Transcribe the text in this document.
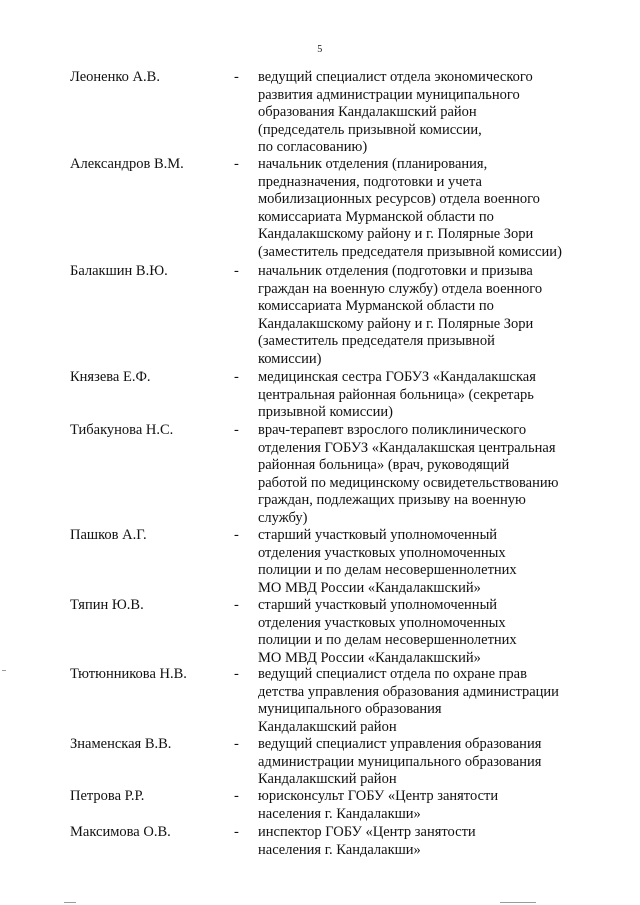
5
Леоненко А.В.	- ведущий специалист отдела экономического
развития администрации муниципального
образования Кандалакшский район
(председатель призывной комиссии,
по согласованию)
Александров В.М.	- начальник отделения (планирования,
предназначения, подготовки и учета
мобилизационных ресурсов) отдела военного
комиссариата Мурманской области по
Кандалакшскому району и г. Полярные Зори
(заместитель председателя призывной комиссии)
Балакшин В.Ю.	- начальник отделения (подготовки и призыва
граждан на военную службу) отдела военного
комиссариата Мурманской области по
Кандалакшскому району и г. Полярные Зори
(заместитель председателя призывной
комиссии)
Князева Е.Ф.	- медицинская сестра ГОБУЗ «Кандалакшская
центральная районная больница» (секретарь
призывной комиссии)
Тибакунова Н.С.	- врач-терапевт взрослого поликлинического
отделения ГОБУЗ «Кандалакшская центральная
районная больница» (врач, руководящий
работой по медицинскому освидетельствованию
граждан, подлежащих призыву на военную
службу)
Пашков А.Г.	- старший участковый уполномоченный
отделения участковых уполномоченных
полиции и по делам несовершеннолетних
МО МВД России «Кандалакшский»
Тяпин Ю.В.	- старший участковый уполномоченный
отделения участковых уполномоченных
полиции и по делам несовершеннолетних
МО МВД России «Кандалакшский»
Тютюнникова Н.В.	- ведущий специалист отдела по охране прав
детства управления образования администрации
муниципального образования
Кандалакшский район
Знаменская В.В.	- ведущий специалист управления образования
администрации муниципального образования
Кандалакшский район
Петрова Р.Р.	- юрисконсульт ГОБУ «Центр занятости
населения г. Кандалакши»
Максимова О.В.	- инспектор ГОБУ «Центр занятости
населения г. Кандалакши»
